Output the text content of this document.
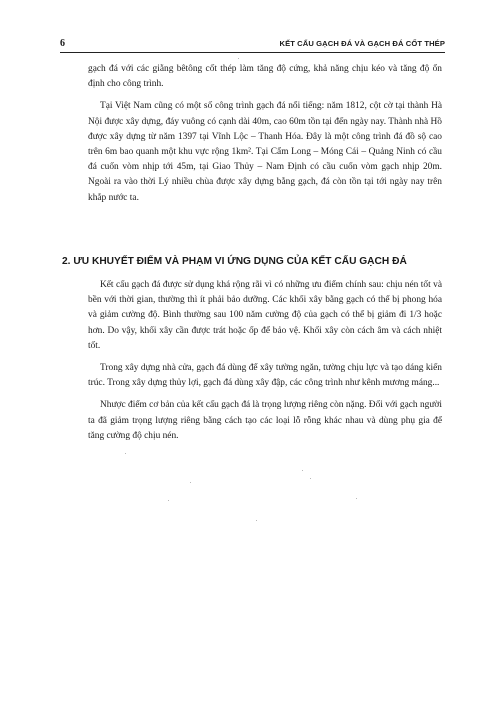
6	KẾT CẤU GẠCH ĐÁ VÀ GẠCH ĐÁ CỐT THÉP

gạch đá với các giằng bêtông cốt thép làm tăng độ cứng, khả năng chịu kéo và tăng độ ổn định cho công trình.

Tại Việt Nam cũng có một số công trình gạch đá nổi tiếng: năm 1812, cột cờ tại thành Hà Nội được xây dựng, đáy vuông có cạnh dài 40m, cao 60m tồn tại đến ngày nay. Thành nhà Hồ được xây dựng từ năm 1397 tại Vĩnh Lộc – Thanh Hóa. Đây là một công trình đá đồ sộ cao trên 6m bao quanh một khu vực rộng 1km². Tại Cẩm Long – Móng Cái – Quảng Ninh có cầu đá cuốn vòm nhịp tới 45m, tại Giao Thủy – Nam Định có cầu cuốn vòm gạch nhịp 20m. Ngoài ra vào thời Lý nhiều chùa được xây dựng bằng gạch, đá còn tồn tại tới ngày nay trên khắp nước ta.

2. ƯU KHUYẾT ĐIỂM VÀ PHẠM VI ỨNG DỤNG CỦA KẾT CẤU GẠCH ĐÁ

Kết cấu gạch đá được sử dụng khá rộng rãi vì có những ưu điểm chính sau: chịu nén tốt và bền với thời gian, thường thì ít phải bảo dưỡng. Các khối xây bằng gạch có thể bị phong hóa và giảm cường độ. Bình thường sau 100 năm cường độ của gạch có thể bị giảm đi 1/3 hoặc hơn. Do vậy, khối xây cần được trát hoặc ốp để bảo vệ. Khối xây còn cách âm và cách nhiệt tốt.

Trong xây dựng nhà cửa, gạch đá dùng để xây tường ngăn, tường chịu lực và tạo dáng kiến trúc. Trong xây dựng thủy lợi, gạch đá dùng xây đập, các công trình như kênh mương máng...

Nhược điểm cơ bản của kết cấu gạch đá là trọng lượng riêng còn nặng. Đối với gạch người ta đã giảm trọng lượng riêng bằng cách tạo các loại lỗ rỗng khác nhau và dùng phụ gia để tăng cường độ chịu nén.
